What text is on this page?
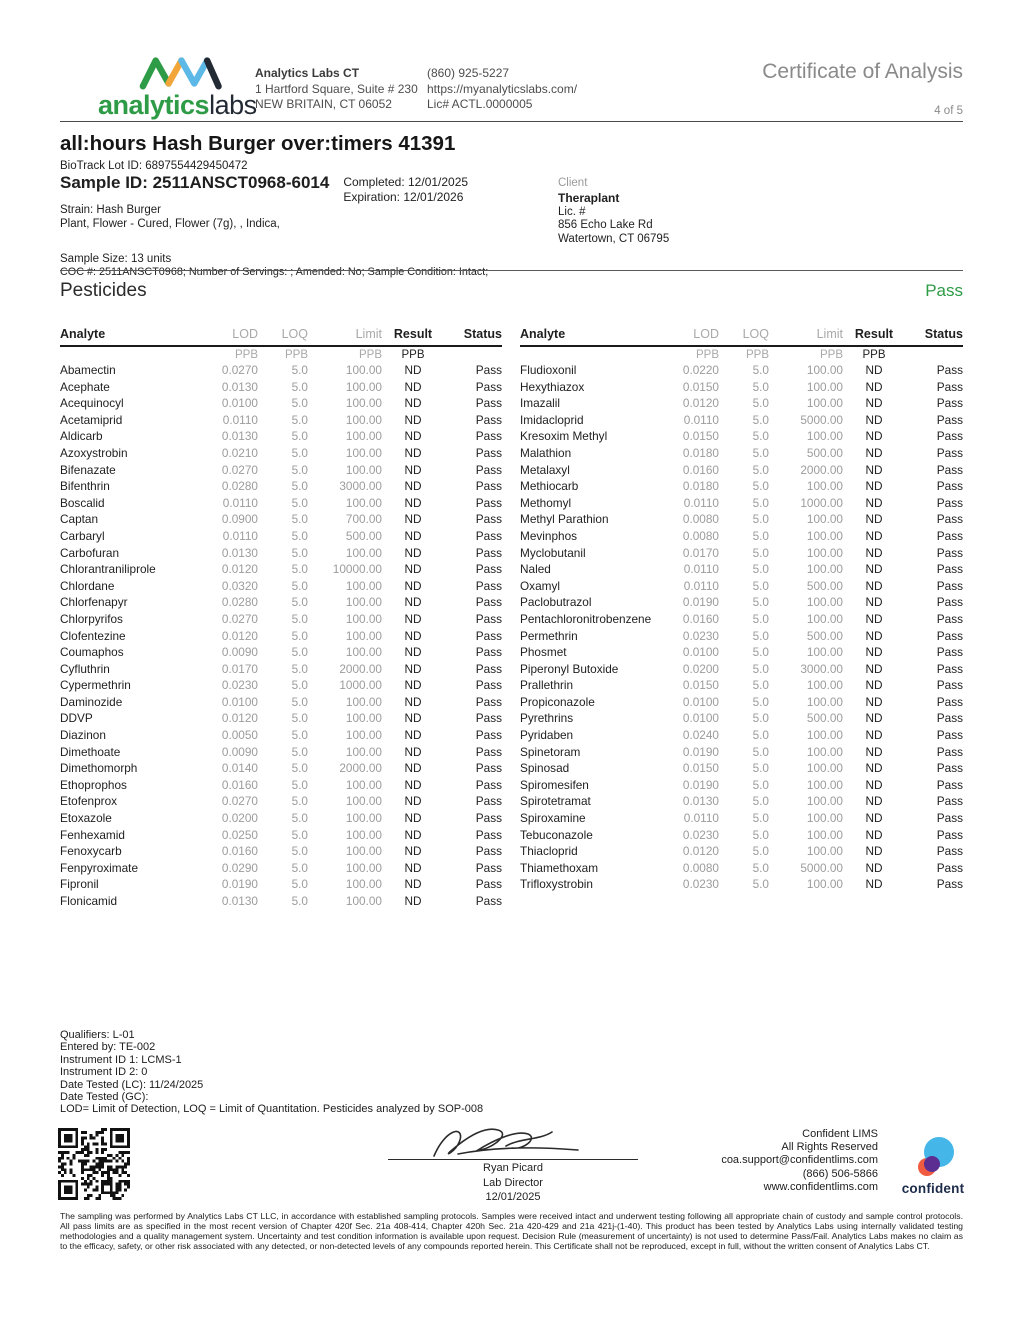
analyticslabs
Analytics Labs CT
1 Hartford Square, Suite # 230
NEW BRITAIN, CT 06052
(860) 925-5227
https://myanalyticslabs.com/
Lic# ACTL.0000005
Certificate of Analysis
4 of 5
all:hours Hash Burger over:timers 41391
BioTrack Lot ID: 6897554429450472
Sample ID: 2511ANSCT0968-6014 Completed: 12/01/2025
Expiration: 12/01/2026
Strain: Hash Burger
Plant, Flower - Cured, Flower (7g), , Indica,
Sample Size: 13 units
COC #: 2511ANSCT0968; Number of Servings: ; Amended: No; Sample Condition: Intact;
Client
Theraplant
Lic. #
856 Echo Lake Rd
Watertown, CT 06795
Pesticides	Pass
Analyte	LOD	LOQ	Limit Result	Status
PPB	PPB	PPB	PPB
Abamectin	0.0270	5.0	100.00	ND	Pass
Acephate	0.0130	5.0	100.00	ND	Pass
Acequinocyl	0.0100	5.0	100.00	ND	Pass
Acetamiprid	0.0110	5.0	100.00	ND	Pass
Aldicarb	0.0130	5.0	100.00	ND	Pass
Azoxystrobin	0.0210	5.0	100.00	ND	Pass
Bifenazate	0.0270	5.0	100.00	ND	Pass
Bifenthrin	0.0280	5.0	3000.00	ND	Pass
Boscalid	0.0110	5.0	100.00	ND	Pass
Captan	0.0900	5.0	700.00	ND	Pass
Carbaryl	0.0110	5.0	500.00	ND	Pass
Carbofuran	0.0130	5.0	100.00	ND	Pass
Chlorantraniliprole	0.0120	5.0	10000.00	ND	Pass
Chlordane	0.0320	5.0	100.00	ND	Pass
Chlorfenapyr	0.0280	5.0	100.00	ND	Pass
Chlorpyrifos	0.0270	5.0	100.00	ND	Pass
Clofentezine	0.0120	5.0	100.00	ND	Pass
Coumaphos	0.0090	5.0	100.00	ND	Pass
Cyfluthrin	0.0170	5.0	2000.00	ND	Pass
Cypermethrin	0.0230	5.0	1000.00	ND	Pass
Daminozide	0.0100	5.0	100.00	ND	Pass
DDVP	0.0120	5.0	100.00	ND	Pass
Diazinon	0.0050	5.0	100.00	ND	Pass
Dimethoate	0.0090	5.0	100.00	ND	Pass
Dimethomorph	0.0140	5.0	2000.00	ND	Pass
Ethoprophos	0.0160	5.0	100.00	ND	Pass
Etofenprox	0.0270	5.0	100.00	ND	Pass
Etoxazole	0.0200	5.0	100.00	ND	Pass
Fenhexamid	0.0250	5.0	100.00	ND	Pass
Fenoxycarb	0.0160	5.0	100.00	ND	Pass
Fenpyroximate	0.0290	5.0	100.00	ND	Pass
Fipronil	0.0190	5.0	100.00	ND	Pass
Flonicamid	0.0130	5.0	100.00	ND	Pass
Analyte	LOD	LOQ	Limit Result	Status
PPB	PPB	PPB	PPB
Fludioxonil	0.0220	5.0	100.00	ND	Pass
Hexythiazox	0.0150	5.0	100.00	ND	Pass
Imazalil	0.0120	5.0	100.00	ND	Pass
Imidacloprid	0.0110	5.0	5000.00	ND	Pass
Kresoxim Methyl	0.0150	5.0	100.00	ND	Pass
Malathion	0.0180	5.0	500.00	ND	Pass
Metalaxyl	0.0160	5.0	2000.00	ND	Pass
Methiocarb	0.0180	5.0	100.00	ND	Pass
Methomyl	0.0110	5.0	1000.00	ND	Pass
Methyl Parathion	0.0080	5.0	100.00	ND	Pass
Mevinphos	0.0080	5.0	100.00	ND	Pass
Myclobutanil	0.0170	5.0	100.00	ND	Pass
Naled	0.0110	5.0	100.00	ND	Pass
Oxamyl	0.0110	5.0	500.00	ND	Pass
Paclobutrazol	0.0190	5.0	100.00	ND	Pass
Pentachloronitrobenzene	0.0160	5.0	100.00	ND	Pass
Permethrin	0.0230	5.0	500.00	ND	Pass
Phosmet	0.0100	5.0	100.00	ND	Pass
Piperonyl Butoxide	0.0200	5.0	3000.00	ND	Pass
Prallethrin	0.0150	5.0	100.00	ND	Pass
Propiconazole	0.0100	5.0	100.00	ND	Pass
Pyrethrins	0.0100	5.0	500.00	ND	Pass
Pyridaben	0.0240	5.0	100.00	ND	Pass
Spinetoram	0.0190	5.0	100.00	ND	Pass
Spinosad	0.0150	5.0	100.00	ND	Pass
Spiromesifen	0.0190	5.0	100.00	ND	Pass
Spirotetramat	0.0130	5.0	100.00	ND	Pass
Spiroxamine	0.0110	5.0	100.00	ND	Pass
Tebuconazole	0.0230	5.0	100.00	ND	Pass
Thiacloprid	0.0120	5.0	100.00	ND	Pass
Thiamethoxam	0.0080	5.0	5000.00	ND	Pass
Trifloxystrobin	0.0230	5.0	100.00	ND	Pass
Qualifiers: L-01
Entered by: TE-002
Instrument ID 1: LCMS-1
Instrument ID 2: 0
Date Tested (LC): 11/24/2025
Date Tested (GC):
LOD= Limit of Detection, LOQ = Limit of Quantitation. Pesticides analyzed by SOP-008
Ryan Picard
Lab Director
12/01/2025
Confident LIMS
All Rights Reserved
coa.support@confidentlims.com
(866) 506-5866
www.confidentlims.com	confident
The sampling was performed by Analytics Labs CT LLC, in accordance with established sampling protocols. Samples were received intact and underwent testing following all appropriate chain of custody and sample control protocols. All pass limits are as specified in the most recent version of Chapter 420f Sec. 21a 408-414, Chapter 420h Sec. 21a 420-429 and 21a 421j-(1-40). This product has been tested by Analytics Labs using internally validated testing methodologies and a quality management system. Uncertainty and test condition information is available upon request. Decision Rule (measurement of uncertainty) is not used to determine Pass/Fail. Analytics Labs makes no claim as to the efficacy, safety, or other risk associated with any detected, or non-detected levels of any compounds reported herein. This Certificate shall not be reproduced, except in full, without the written consent of Analytics Labs CT.
